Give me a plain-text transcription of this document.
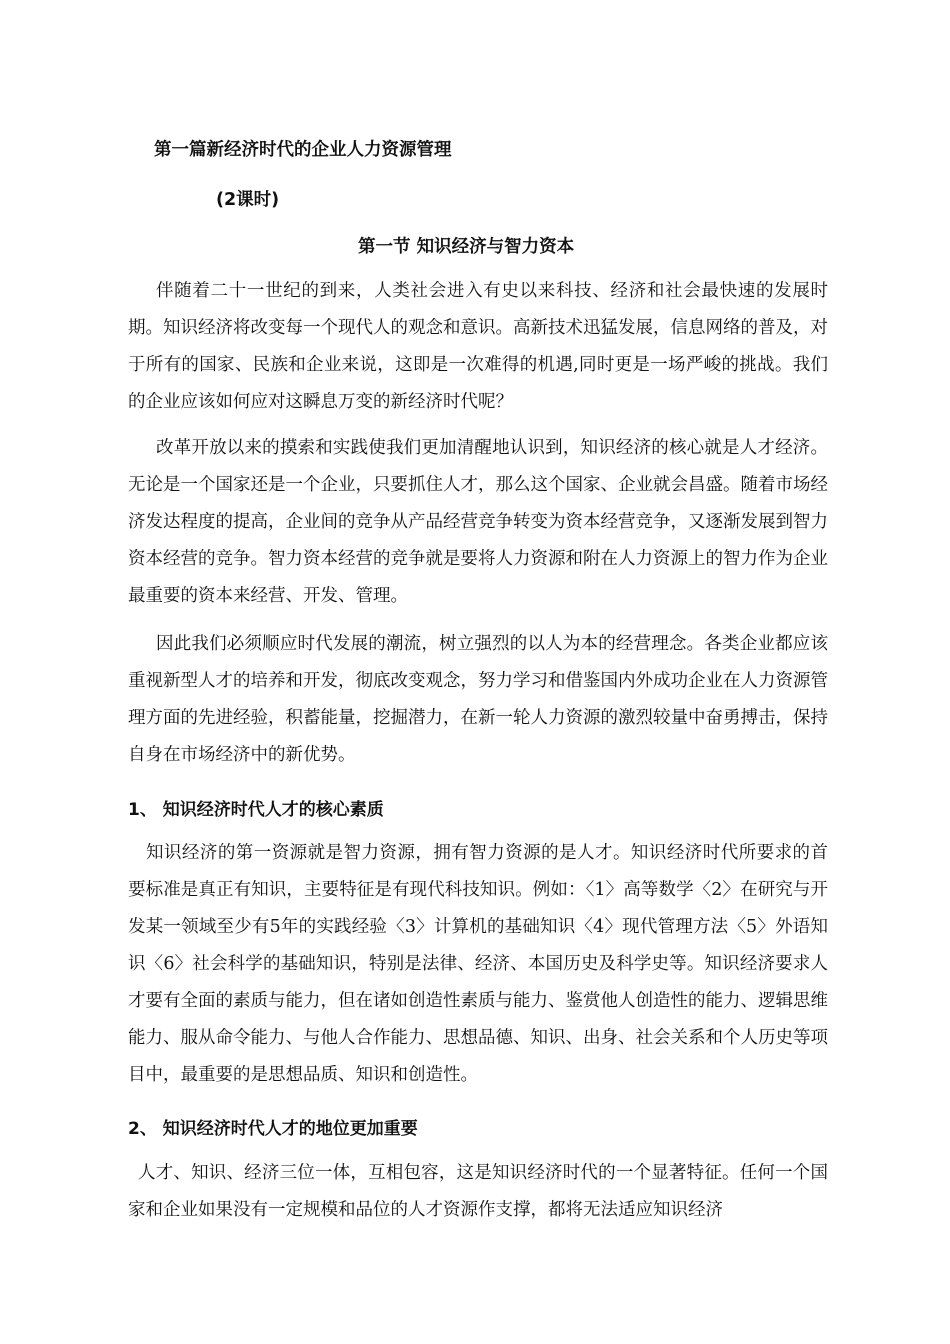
第一篇新经济时代的企业人力资源管理
(2课时)
第一节 知识经济与智力资本

伴随着二十一世纪的到来，人类社会进入有史以来科技、经济和社会最快速的发展时期。知识经济将改变每一个现代人的观念和意识。高新技术迅猛发展，信息网络的普及，对于所有的国家、民族和企业来说，这即是一次难得的机遇,同时更是一场严峻的挑战。我们的企业应该如何应对这瞬息万变的新经济时代呢？

改革开放以来的摸索和实践使我们更加清醒地认识到，知识经济的核心就是人才经济。无论是一个国家还是一个企业，只要抓住人才，那么这个国家、企业就会昌盛。随着市场经济发达程度的提高，企业间的竞争从产品经营竞争转变为资本经营竞争，又逐渐发展到智力资本经营的竞争。智力资本经营的竞争就是要将人力资源和附在人力资源上的智力作为企业最重要的资本来经营、开发、管理。

因此我们必须顺应时代发展的潮流，树立强烈的以人为本的经营理念。各类企业都应该重视新型人才的培养和开发，彻底改变观念，努力学习和借鉴国内外成功企业在人力资源管理方面的先进经验，积蓄能量，挖掘潜力，在新一轮人力资源的激烈较量中奋勇搏击，保持自身在市场经济中的新优势。

1、 知识经济时代人才的核心素质

知识经济的第一资源就是智力资源，拥有智力资源的是人才。知识经济时代所要求的首要标准是真正有知识，主要特征是有现代科技知识。例如：〈1〉高等数学〈2〉在研究与开发某一领域至少有5年的实践经验〈3〉计算机的基础知识〈4〉现代管理方法〈5〉外语知识〈6〉社会科学的基础知识，特别是法律、经济、本国历史及科学史等。知识经济要求人才要有全面的素质与能力，但在诸如创造性素质与能力、鉴赏他人创造性的能力、逻辑思维能力、服从命令能力、与他人合作能力、思想品德、知识、出身、社会关系和个人历史等项目中，最重要的是思想品质、知识和创造性。

2、 知识经济时代人才的地位更加重要

人才、知识、经济三位一体，互相包容，这是知识经济时代的一个显著特征。任何一个国家和企业如果没有一定规模和品位的人才资源作支撑，都将无法适应知识经济
